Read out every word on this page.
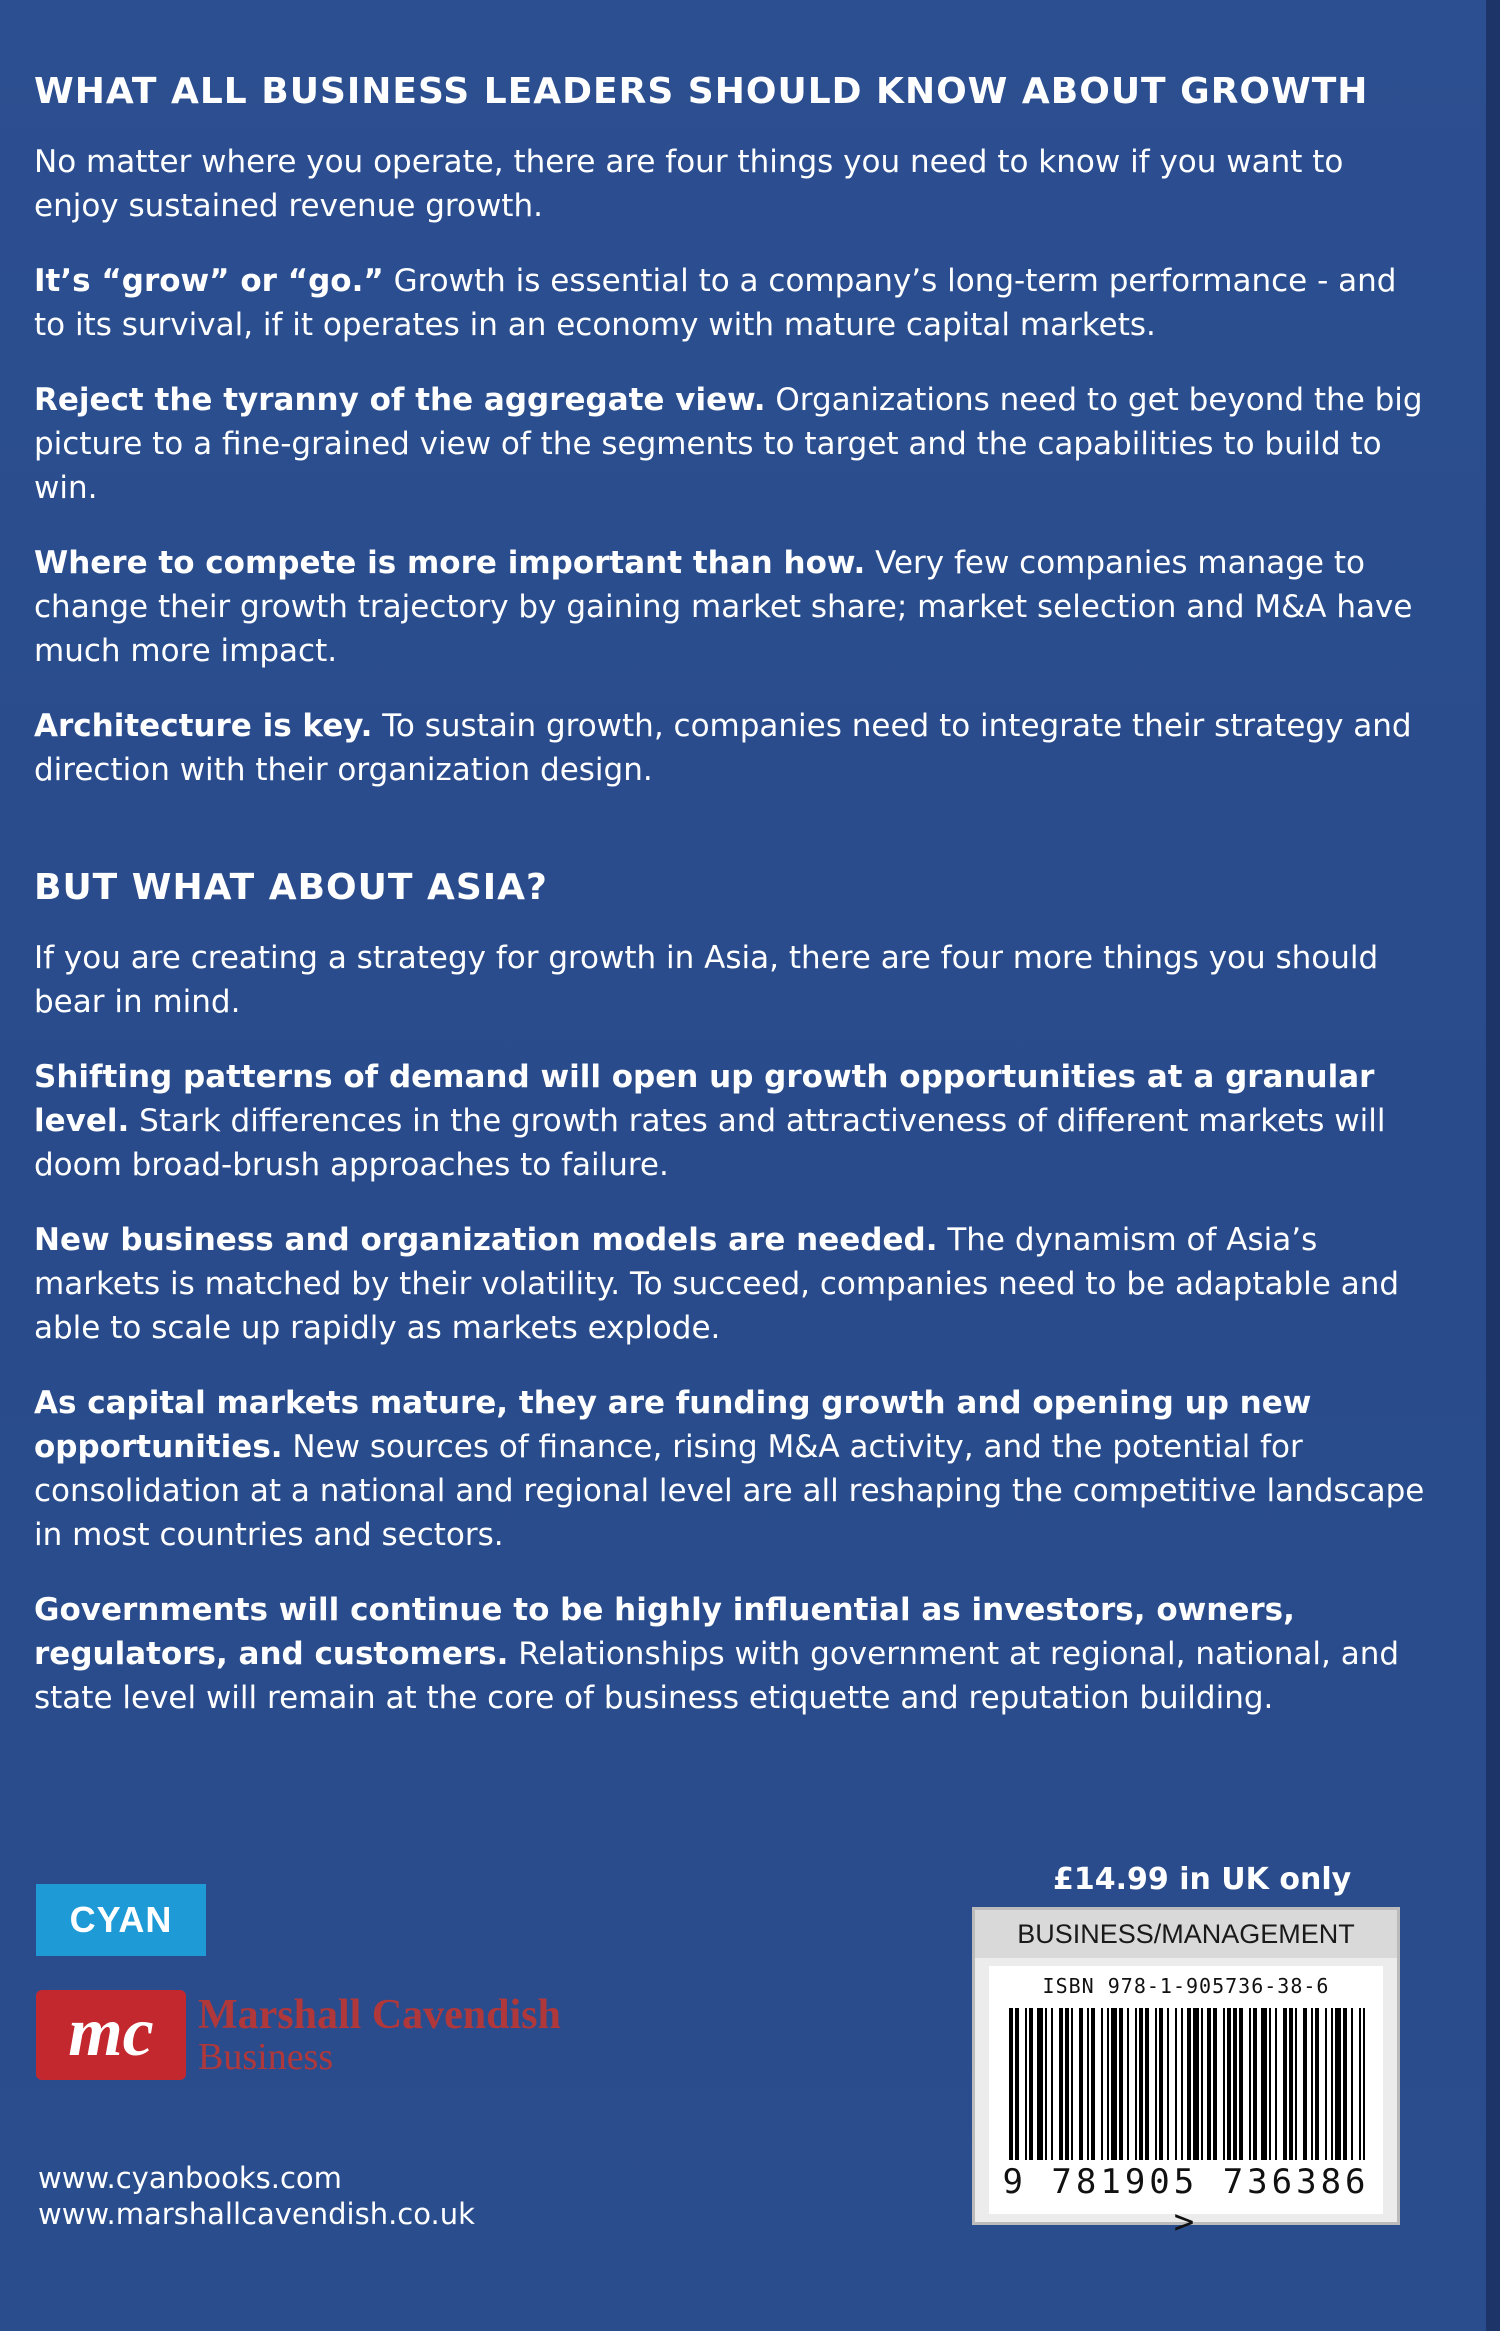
WHAT ALL BUSINESS LEADERS SHOULD KNOW ABOUT GROWTH

No matter where you operate, there are four things you need to know if you want to enjoy sustained revenue growth.

It’s “grow” or “go.” Growth is essential to a company’s long-term performance - and to its survival, if it operates in an economy with mature capital markets.

Reject the tyranny of the aggregate view. Organizations need to get beyond the big picture to a fine-grained view of the segments to target and the capabilities to build to win.

Where to compete is more important than how. Very few companies manage to change their growth trajectory by gaining market share; market selection and M&A have much more impact.

Architecture is key. To sustain growth, companies need to integrate their strategy and direction with their organization design.

BUT WHAT ABOUT ASIA?

If you are creating a strategy for growth in Asia, there are four more things you should bear in mind.

Shifting patterns of demand will open up growth opportunities at a granular level. Stark differences in the growth rates and attractiveness of different markets will doom broad-brush approaches to failure.

New business and organization models are needed. The dynamism of Asia’s markets is matched by their volatility. To succeed, companies need to be adaptable and able to scale up rapidly as markets explode.

As capital markets mature, they are funding growth and opening up new opportunities. New sources of finance, rising M&A activity, and the potential for consolidation at a national and regional level are all reshaping the competitive landscape in most countries and sectors.

Governments will continue to be highly influential as investors, owners, regulators, and customers. Relationships with government at regional, national, and state level will remain at the core of business etiquette and reputation building.

CYAN
mc	Marshall Cavendish
Business
www.cyanbooks.com
www.marshallcavendish.co.uk
£14.99 in UK only
BUSINESS/MANAGEMENT
ISBN 978-1-905736-38-6
9 781905 736386 >
